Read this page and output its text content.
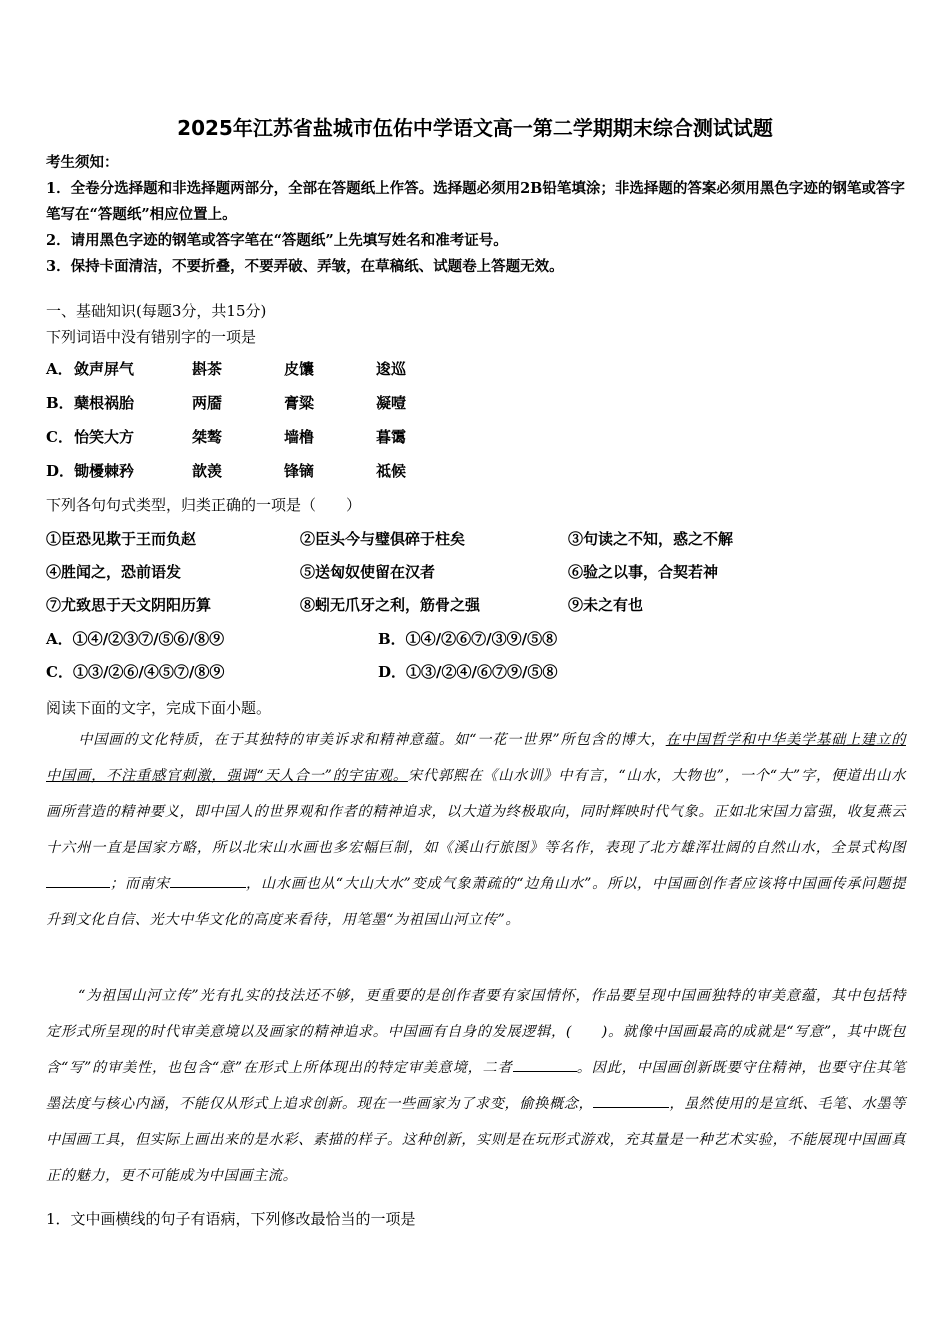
2025年江苏省盐城市伍佑中学语文高一第二学期期末综合测试试题
考生须知：
1．全卷分选择题和非选择题两部分，全部在答题纸上作答。选择题必须用2B铅笔填涂；非选择题的答案必须用黑色字迹的钢笔或答字笔写在“答题纸”相应位置上。
2．请用黑色字迹的钢笔或答字笔在“答题纸”上先填写姓名和准考证号。
3．保持卡面清洁，不要折叠，不要弄破、弄皱，在草稿纸、试题卷上答题无效。
一、基础知识(每题3分，共15分)
下列词语中没有错别字的一项是
A． 敛声屏气	斟茶	皮馕	逡巡
B． 蘖根祸胎	两靥	膏粱	凝噎
C． 怡笑大方	桀骜	墙橹	暮霭
D． 锄櫌棘矜	歆羡	锋镝	祗候
下列各句句式类型，归类正确的一项是（　　）
①臣恐见欺于王而负赵	②臣头今与璧俱碎于柱矣	③句读之不知，惑之不解
④胜闻之，恐前语发	⑤送匈奴使留在汉者	⑥验之以事，合契若神
⑦尤致思于天文阴阳历算	⑧蚓无爪牙之利，筋骨之强	⑨未之有也
A．①④/②③⑦/⑤⑥/⑧⑨	B．①④/②⑥⑦/③⑨/⑤⑧
C．①③/②⑥/④⑤⑦/⑧⑨	D．①③/②④/⑥⑦⑨/⑤⑧
阅读下面的文字，完成下面小题。
中国画的文化特质，在于其独特的审美诉求和精神意蕴。如“一花一世界”所包含的博大，在中国哲学和中华美学基础上建立的中国画，不注重感官刺激，强调“天人合一”的宇宙观。宋代郭熙在《山水训》中有言，“山水，大物也”，一个“大”字，便道出山水画所营造的精神要义，即中国人的世界观和作者的精神追求，以大道为终极取向，同时辉映时代气象。正如北宋国力富强，收复燕云十六州一直是国家方略，所以北宋山水画也多宏幅巨制，如《溪山行旅图》等名作，表现了北方雄浑壮阔的自然山水，全景式构图；而南宋	，山水画也从“大山大水”变成气象萧疏的“边角山水”。所以，中国画创作者应该将中国画传承问题提升到文化自信、光大中华文化的高度来看待，用笔墨“为祖国山河立传”。
“为祖国山河立传”光有扎实的技法还不够，更重要的是创作者要有家国情怀，作品要呈现中国画独特的审美意蕴，其中包括特定形式所呈现的时代审美意境以及画家的精神追求。中国画有自身的发展逻辑，(　　)。就像中国画最高的成就是“写意”，其中既包含“写”的审美性，也包含“意”在形式上所体现出的特定审美意境，二者	。因此，中国画创新既要守住精神，也要守住其笔墨法度与核心内涵，不能仅从形式上追求创新。现在一些画家为了求变，偷换概念，	，虽然使用的是宣纸、毛笔、水墨等中国画工具，但实际上画出来的是水彩、素描的样子。这种创新，实则是在玩形式游戏，充其量是一种艺术实验，不能展现中国画真正的魅力，更不可能成为中国画主流。
1．文中画横线的句子有语病，下列修改最恰当的一项是
